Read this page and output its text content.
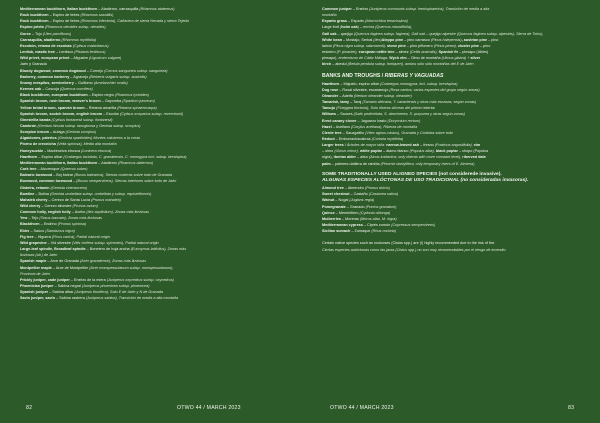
Mediterranean buckthorn, Italian buckthorn – Aladierno, carrasquilla (Rhamnus alaternus)

Rock buckthorn – Espino de tintes (Rhamnus saxatilis)

Rock buckthorn – Espino de tintes (Rhamnus infectoria), Cañavera de sierra Nevada y sierra Tejeda

Espino prieto (Rhamnus oleoides subsp. oleoides)

Gorse – Tojo (Ulex parviflorus)

Carrasquilla, aladierno (Rhamnus myrtifolia)

Escobón, retama de escobas (Cytisus malacitanus)

Lentisk, mastic tree – Lentisco (Pistacia lentiscus)

Wild privet, european privet – Aligustre (Ligustrum vulgare)

Jaén y Granada

Bloody dogwood, common dogwood – Cornejo (Cornus sanguinea subsp. sanguinea)

Barberry, common barberry – Agracejo (Berberis vulgaris subsp. australis)

Snowy mespilus, serviceberry – Guillomo (Amelanchier ovalis)

Kermes oak – Coscoja (Quercus coccifera)

Black buckthorn, european buckthorn – Espino negro (Rhamnus lycioides)

Spanish broom, rush broom, weaver's broom – Gayomba (Spartium junceum)

Yellow bridal broom, spanish broom – Retama amarilla (Retama sphaerocarpa)

Spanish broom, scotch broom, english broom – Escoba (Cytisus scoparius subsp. reverchonii)

Ginestrilla banda (Cytisus fontanesii subsp. fontanesii)

Cambrón (Genista hirsuta subsp. lanuginosa y Genista subsp. scorpius)

Scorpion broom – Aulaga (Genista scorpius)

Algaidones, palerlos (Genista spartioides) Montes calcáreos a la costa

Piorno de crecnicha (Vella spinosa), Media alta montaña

Honeysuckle – Madreselva etrusca (Lonicera etrusca)

Hawthorn – Espino albar (Crataegus laciniata, C. granatensis, C. monogyna incl. subsp. brevispina)

Mediterranean buckthorn, Italian buckthorn – Aladierno (Rhamnus alaternus)

Cork tree – Alcornoque (Quercus suber)

Balearic boxwood – Boj balear (Buxus balearica), Sierras costeras sobre todo de Granada

Boxwood, common boxwood – (Buxus sempervirens), Sierras interiores sobre todo de Jaén

Gisteira, retamín (Genista cinerascens)

Bowline – Bolina (Genista umbellata subsp. umbellata y subsp. equisetiformis)

Mahaleb cherry – Cerezo de Santa Lucía (Prunus mahaleb)

Wild cherry – Cerezo silvestre (Prunus avium)

Common holly, english holly – Acebo (Ilex aquifolium), Zonas más lluviosas

Yew – Tejo (Taxus baccata), Zonas más lluviosas

Blackthorn – Endrino (Prunus spinosa)

Elder – Saúco (Sambucus nigra)

Fig tree – Higuera (Ficus carica), Partial natural origin

Wild grapevine – Vid silvestre (Vitis vinifera subsp. sylvestris), Partial natural origin

Large-leaf spindle, Broadleaf spindle – Bonetero de hoja ancha (Euonymus latifolius), Zonas más

lluviosas (alt.) de Jaén

Spanish maple – Arce de Granada (Acer granatense), Zonas más lluviosas

Montpellier maple – Arce de Montpellier (Acer monspessulanum subsp. monspessulanum),

Provincia de Jaén

Prickly juniper, cade juniper – Enebro de la miera (Juniperus oxycedrus subsp. oxycedrus)

Phoenician juniper – Sabina negral (Juniperus phoenicea subsp. phoenicea)

Spanish juniper – Sabina albar (Juniperus thurifera), Solo E de Jaén y N de Granada

Savin juniper, savin – Sabina rastrera (Juniperus sabina), Transición de media a alta montaña

82	OTWO 44 / MARCH 2023

Common juniper – Enebro (Juniperus communis subsp. hemisphaerica), Transición de media a alta

montaña

Esparto grass – Esparto (Macrochloa tenacissima)

Large fruit (holm oak) – encina (Quercus rotundifolia),

Gall oak – quejigo (Quercus faginea subsp. faginea), Gall oak – quejigo alpestre (Quercus faginea subsp. alpestris), Sierra de Tolox),

White bean – Mostajo, Serbal (Ilex)Aleppo pine – pino carrasco (Pinus halepensis), austrian pine – pino

laricio (Pinus nigra subsp. salzmannii), stone pine – pino piñonero (Pinus pinea), cluster pine – pino

resinero (P. pinaster), european nettle tree – almez (Celtis australis), Spanish fir – pinsapo (Abies)

pinsapo), endemismo de Cádiz Málaga, Wych elm – Olmo de montaña (Ulmus glabra) + silver

birch – abedul (Betula pendula subsp. fontqueri), ambos sólo sólo montañas del E de Jaén

BANKS AND TROUGHS / RIBERAS Y VAGUADAS

Hawthorn – Majuelo, espino albar (Crataegus monogyna, incl. subsp. brevispina)

Dog rose – Rosal silvestre, escaramujo (Rosa canina, varias especies del grupo según zonas)

Oleander – Adelfa (Nerium oleander subsp. oleander)

Tamarisk, tamy – Taraj (Tamarix africana, T. canariensis y otras más escasas, según zonas)

Tamujo (Flueggea tinctoria), Solo riberas silíceas del pirineo interior

Willows – Sauces (Salix pedicellata, S. atrocinerea, S. purpurea y otras según zonas)

Erect canary clover – Jaguarzo basto (Dorycnium rectum)

Hazel – Avellano (Corylus avellana), Riberas de montaña

Clerde tree – Sauzgatillo (Vitex agnus-castus), Granada y Córdoba sobre todo

Redoul – Emborrachacabras (Coriaria myrtifolia)

Larger trees / Árboles de mayor talla: narrow-leaved ash – fresno (Fraxinus angustifolia), elm

– olmo (Ulmus minor), white poplar – álamo blanco (Populus alba), black poplar – chopo (Populus

nigra), iberian alder – aliso (Alnus lusitanica; only riberas with more constant level), riberved date

palm – palmera datilera de rambla (Phoenix dactylifera, only temporary rivers of E. Almería)

SOME TRADITIONALLY USED ALIGNED SPECIES (not considerede invasive).
ALGUNAS ESPECIES ALÓCTONAS DE USO TRADICIONAL (no consideradas invasoras).

Almond tree – Almendro (Prunus dulcis)

Sweet chestnut – Castaño (Castanea sativa)

Walnut – Nogal (Juglans regia)

Pomegranate – Granado (Punica granatum)

Quince – Membrillero (Cydonia oblonga)

Mulberries – Moreras (Morus alba, M. nigra)

Mediterranean cypress – Ciprés común (Cupressus sempervirens)

Sicilian sumach – Zumaque (Rhus coriaria)

Certain native species such as rockroses (Cistus spp.) are (!) highly recommended due to the risk of fire.
Ciertas especies autóctonas como las jaras (Cistus spp.) no son muy recomendables por el riesgo de incendio.
OTWO 44 / MARCH 2023	83
